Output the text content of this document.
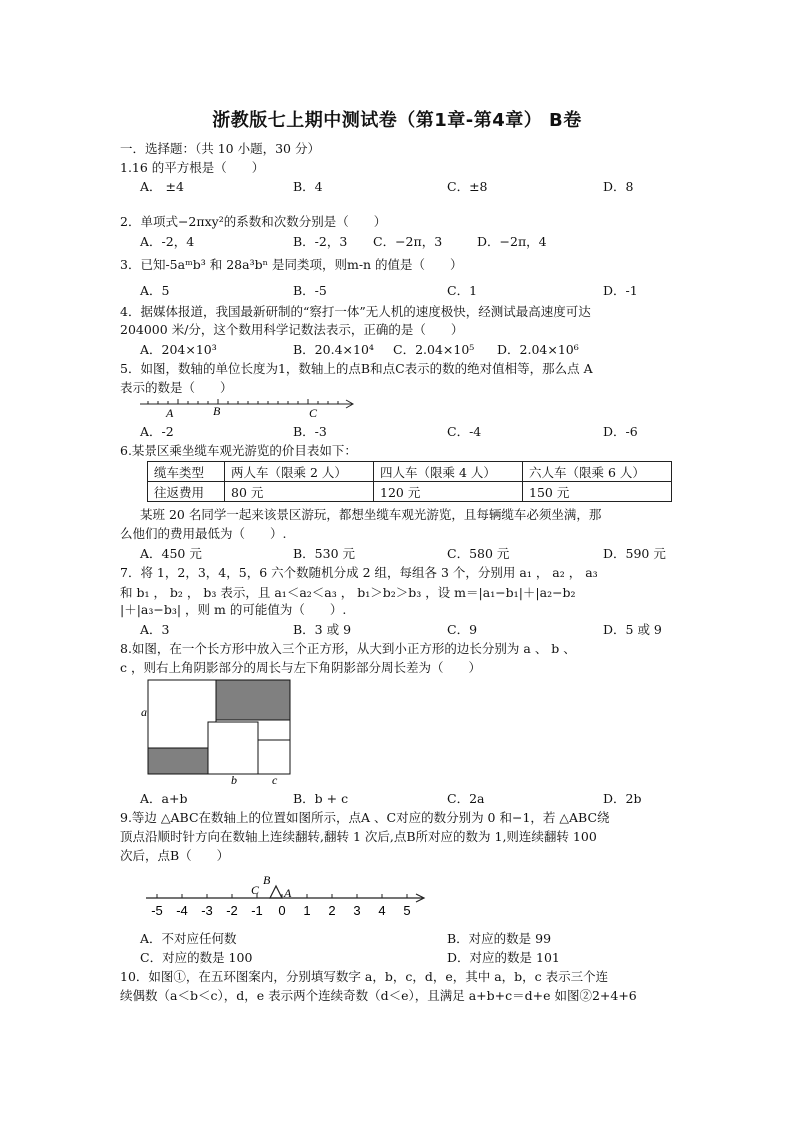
浙教版七上期中测试卷（第1章-第4章） B卷
一．选择题：（共 10 小题，30 分）
1.16 的平方根是（　　）
A． ±4	B．4	C．±8	D．8
2．单项式−2πxy²的系数和次数分别是（　　）
A．-2，4	B．-2，3 C．−2π，3	D．−2π，4
3．已知-5aᵐb³ 和 28a³bⁿ 是同类项，则m-n 的值是（　　）
A．5	B．-5	C．1	D．-1
4．据媒体报道，我国最新研制的“察打一体”无人机的速度极快，经测试最高速度可达
204000 米/分，这个数用科学记数法表示，正确的是（　　）
A．204×10³	B．20.4×10⁴ C．2.04×10⁵ D．2.04×10⁶
5．如图，数轴的单位长度为1，数轴上的点B和点C表示的数的绝对值相等，那么点 A
表示的数是（　　）
A	B	C
A．-2	B．-3	C．-4	D．-6
6.某景区乘坐缆车观光游览的价目表如下：
缆车类型	两人车（限乘 2 人）	四人车（限乘 4 人）	六人车（限乘 6 人）
往返费用	80 元	120 元	150 元
某班 20 名同学一起来该景区游玩，都想坐缆车观光游览，且每辆缆车必须坐满，那
么他们的费用最低为（　　）.
A．450 元	B．530 元	C．580 元	D．590 元
7．将 1，2，3，4，5，6 六个数随机分成 2 组，每组各 3 个，分别用 a₁ ， a₂ ， a₃
和 b₁ ， b₂ ， b₃ 表示，且 a₁＜a₂＜a₃ ， b₁＞b₂＞b₃ ，设 m＝|a₁−b₁|＋|a₂−b₂
|＋|a₃−b₃| ，则 m 的可能值为（　　）.
A．3	B．3 或 9	C．9	D．5 或 9
8.如图，在一个长方形中放入三个正方形，从大到小正方形的边长分别为 a 、 b 、
c ，则右上角阴影部分的周长与左下角阴影部分周长差为（　　）
a
b	c
A．a+b	B．b + c	C．2a	D．2b
9.等边 △ABC在数轴上的位置如图所示，点A 、C对应的数分别为 0 和−1，若 △ABC绕
顶点沿顺时针方向在数轴上连续翻转,翻转 1 次后,点B所对应的数为 1,则连续翻转 100
次后，点B（　　）
-5 -4 -3 -2 -1 0 1 2 3 4 5
B
C A
A．不对应任何数	B．对应的数是 99
C．对应的数是 100	D．对应的数是 101
10．如图①，在五环图案内，分别填写数字 a，b，c，d，e，其中 a，b，c 表示三个连
续偶数（a＜b＜c），d，e 表示两个连续奇数（d＜e），且满足 a+b+c＝d+e 如图②2+4+6
